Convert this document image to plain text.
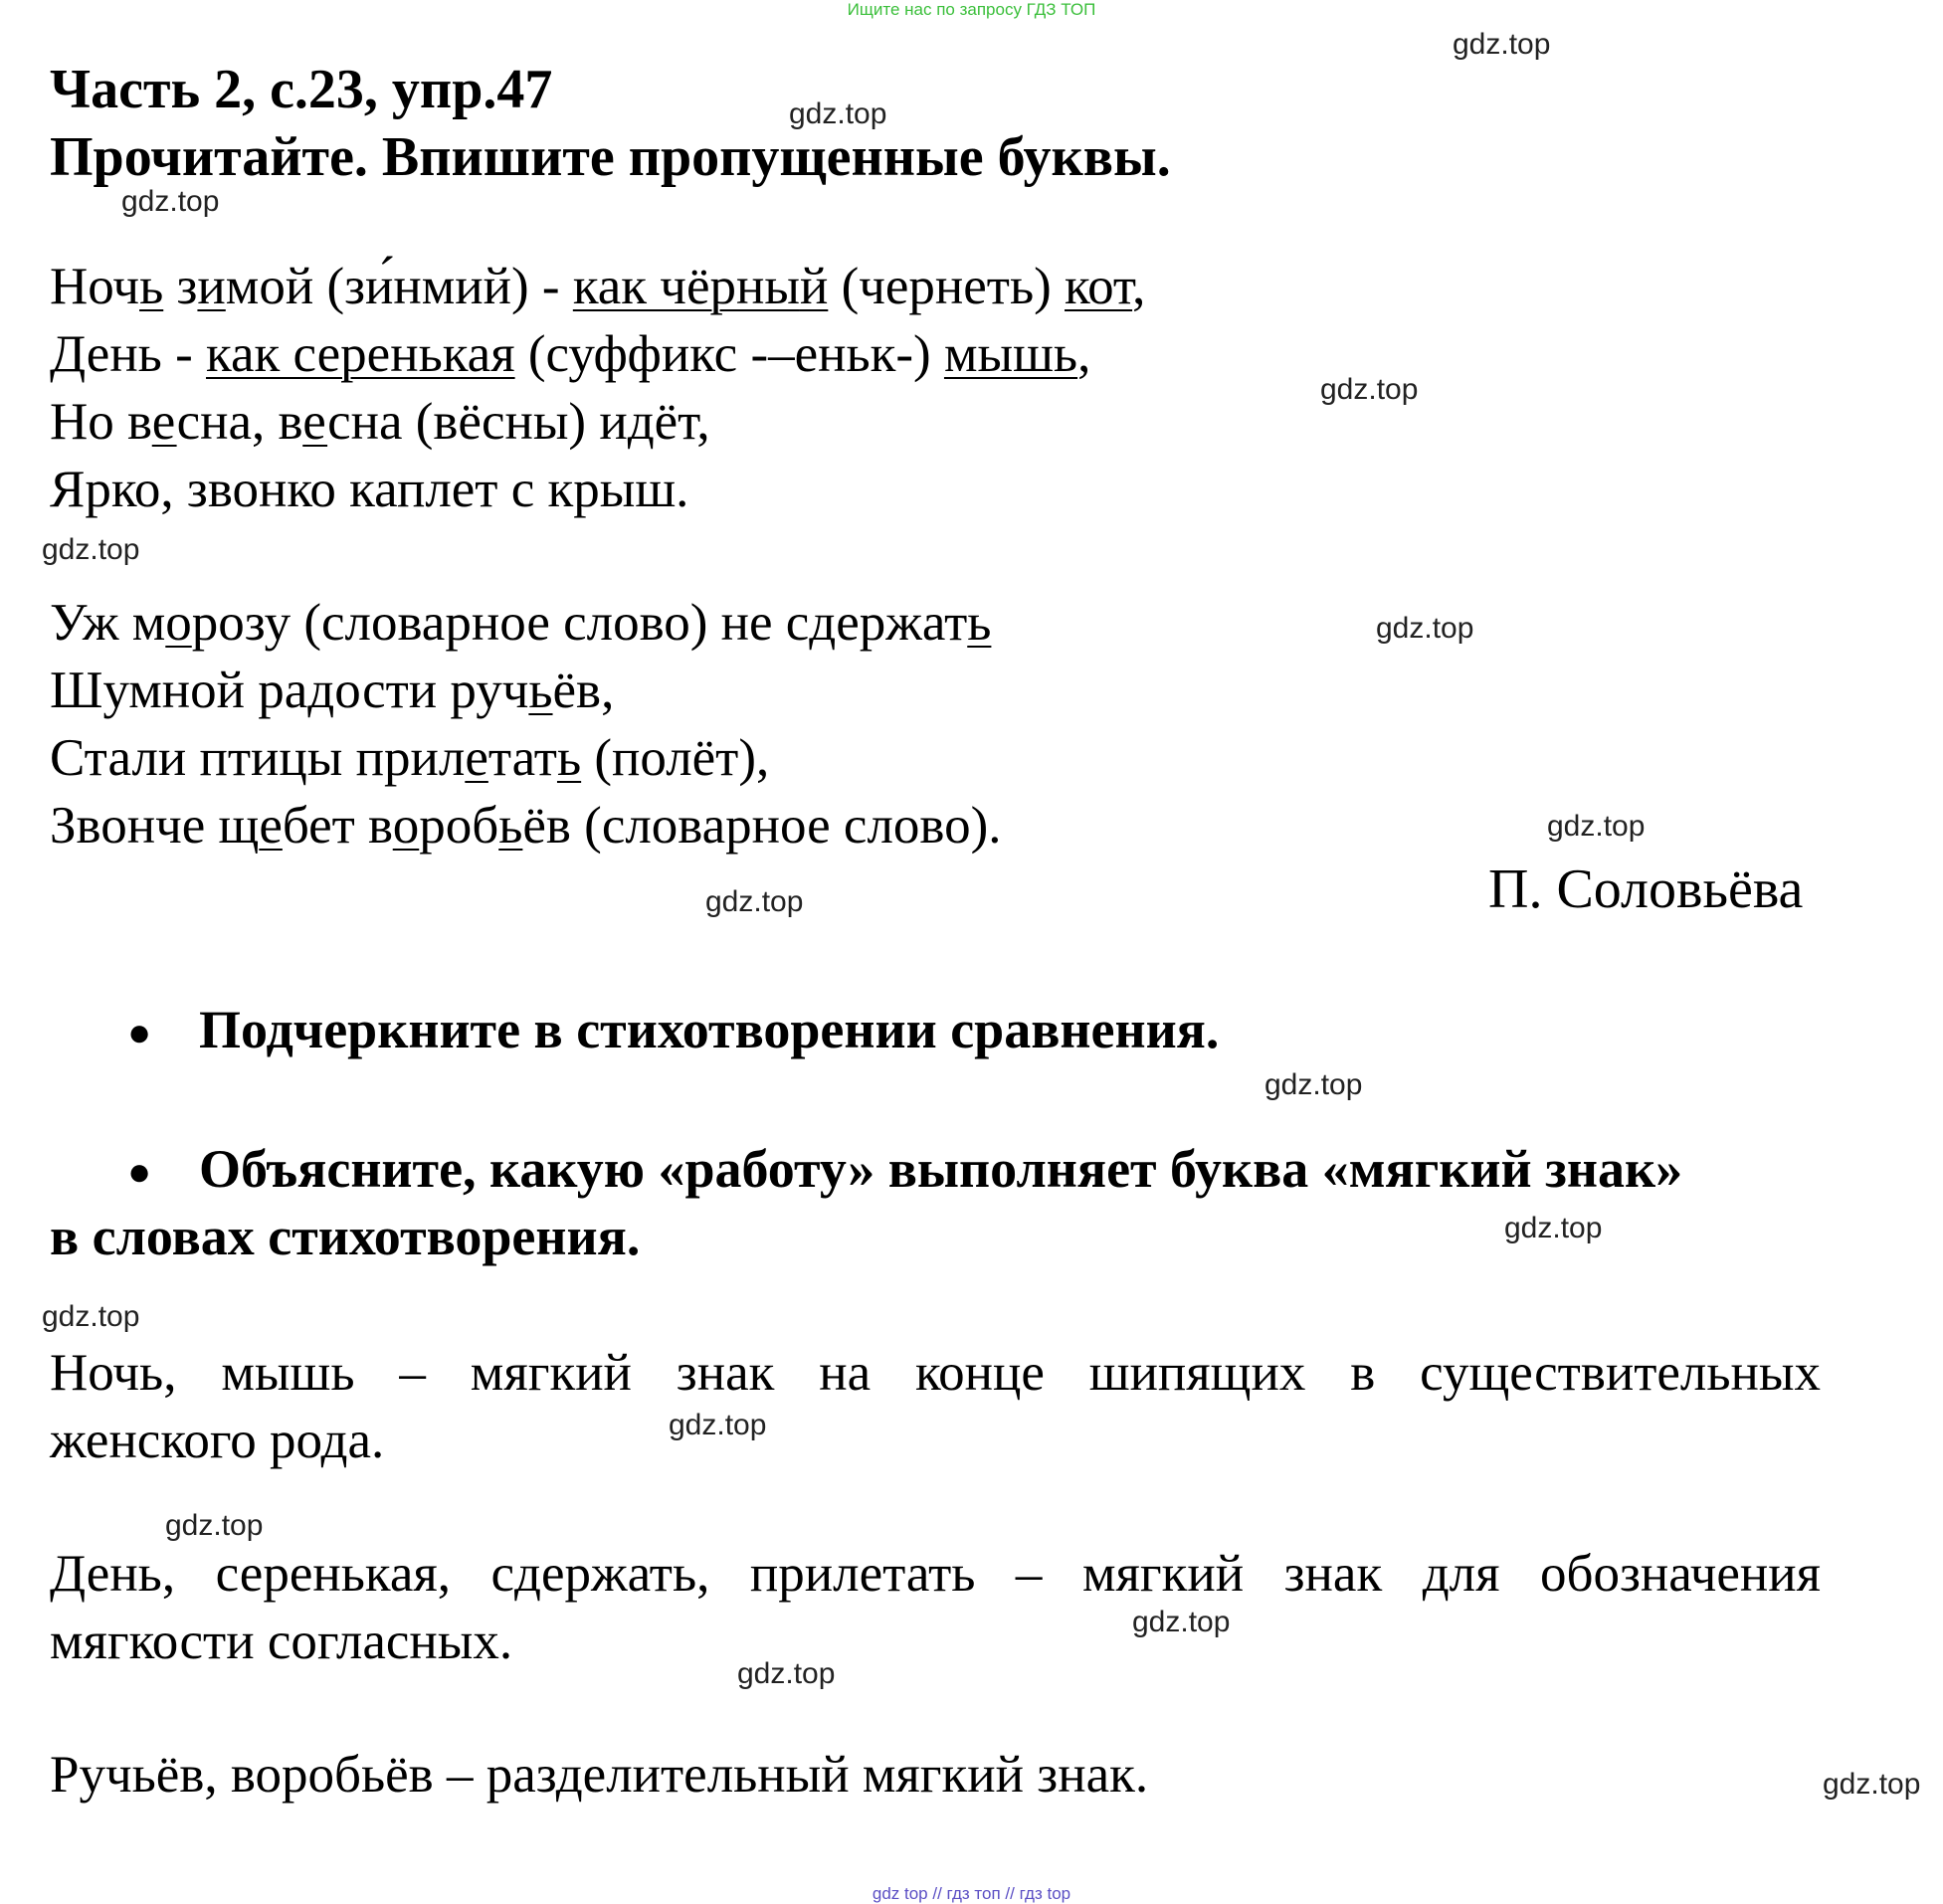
Ищите нас по запросу ГДЗ ТОП
Часть 2, с.23, упр.47
Прочитайте. Впишите пропущенные буквы.
Ночь зимой (зи́нмий) - как чёрный (чернеть) кот,
День - как серенькая (суффикс -–еньк-) мышь,
Но весна, весна (вёсны) идёт,
Ярко, звонко каплет с крыш.
Уж морозу (словарное слово) не сдержать
Шумной радости ручьёв,
Стали птицы прилетать (полёт),
Звонче щебет воробьёв (словарное слово).
П. Соловьёва
● Подчеркните в стихотворении сравнения.
● Объясните, какую «работу» выполняет буква «мягкий знак»
в словах стихотворения.
Ночь, мышь – мягкий знак на конце шипящих в существительных
женского рода.
День, серенькая, сдержать, прилетать – мягкий знак для обозначения
мягкости согласных.
Ручьёв, воробьёв – разделительный мягкий знак.
gdz.top
gdz.top
gdz.top
gdz.top
gdz.top
gdz.top
gdz.top
gdz.top
gdz.top
gdz.top
gdz.top
gdz.top
gdz.top
gdz.top
gdz.top
gdz.top
gdz top // гдз топ // гдз top
